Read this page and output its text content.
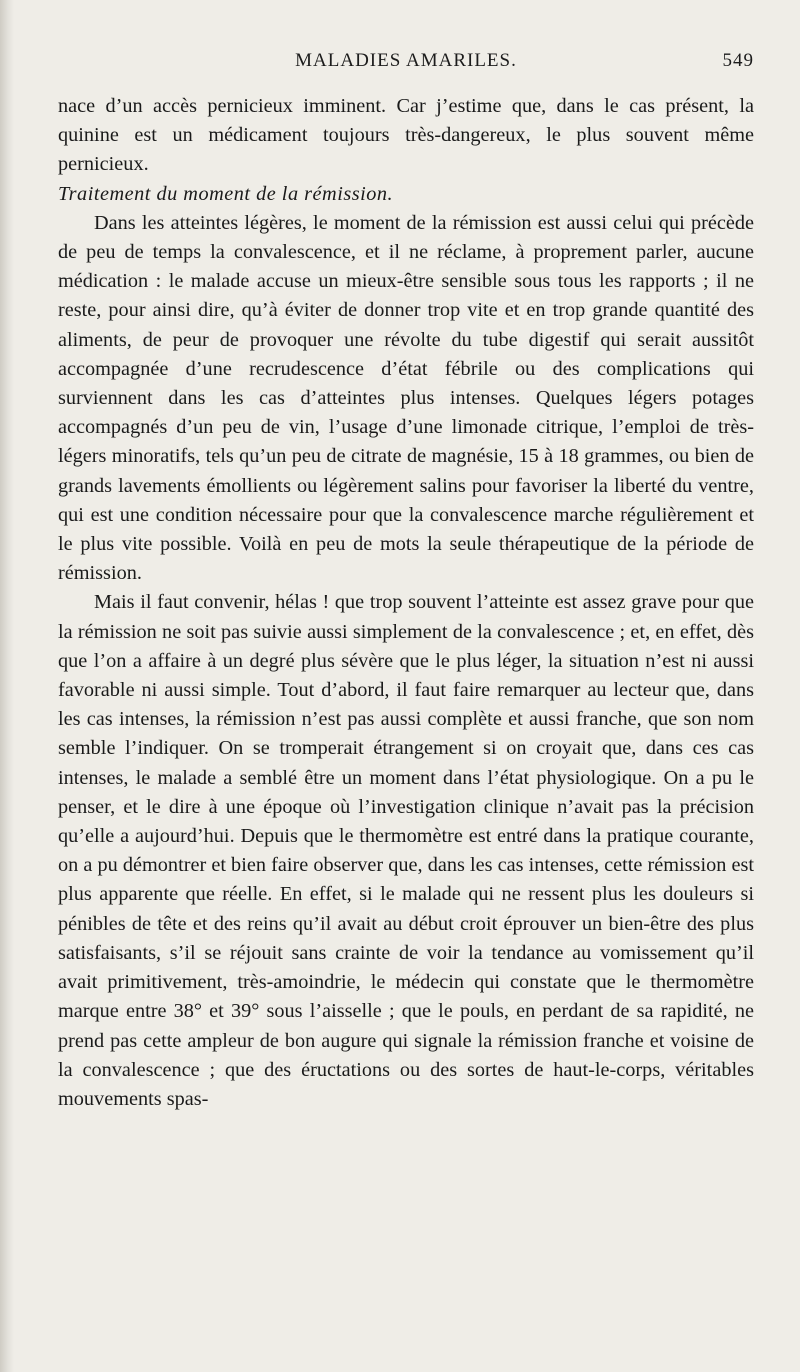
MALADIES AMARILES.	549

nace d’un accès pernicieux imminent. Car j’estime que, dans le cas présent, la quinine est un médicament toujours très-dangereux, le plus souvent même pernicieux.

Traitement du moment de la rémission.

Dans les atteintes légères, le moment de la rémission est aussi celui qui précède de peu de temps la convalescence, et il ne réclame, à proprement parler, aucune médication : le malade accuse un mieux-être sensible sous tous les rapports ; il ne reste, pour ainsi dire, qu’à éviter de donner trop vite et en trop grande quantité des aliments, de peur de provoquer une révolte du tube digestif qui serait aussitôt accompagnée d’une recrudescence d’état fébrile ou des complications qui surviennent dans les cas d’atteintes plus intenses. Quelques légers potages accompagnés d’un peu de vin, l’usage d’une limonade citrique, l’emploi de très-légers minoratifs, tels qu’un peu de citrate de magnésie, 15 à 18 grammes, ou bien de grands lavements émollients ou légèrement salins pour favoriser la liberté du ventre, qui est une condition nécessaire pour que la convalescence marche régulièrement et le plus vite possible. Voilà en peu de mots la seule thérapeutique de la période de rémission.

Mais il faut convenir, hélas ! que trop souvent l’atteinte est assez grave pour que la rémission ne soit pas suivie aussi simplement de la convalescence ; et, en effet, dès que l’on a affaire à un degré plus sévère que le plus léger, la situation n’est ni aussi favorable ni aussi simple. Tout d’abord, il faut faire remarquer au lecteur que, dans les cas intenses, la rémission n’est pas aussi complète et aussi franche, que son nom semble l’indiquer. On se tromperait étrangement si on croyait que, dans ces cas intenses, le malade a semblé être un moment dans l’état physiologique. On a pu le penser, et le dire à une époque où l’investigation clinique n’avait pas la précision qu’elle a aujourd’hui. Depuis que le thermomètre est entré dans la pratique courante, on a pu démontrer et bien faire observer que, dans les cas intenses, cette rémission est plus apparente que réelle. En effet, si le malade qui ne ressent plus les douleurs si pénibles de tête et des reins qu’il avait au début croit éprouver un bien-être des plus satisfaisants, s’il se réjouit sans crainte de voir la tendance au vomissement qu’il avait primitivement, très-amoindrie, le médecin qui constate que le thermomètre marque entre 38° et 39° sous l’aisselle ; que le pouls, en perdant de sa rapidité, ne prend pas cette ampleur de bon augure qui signale la rémission franche et voisine de la convalescence ; que des éructations ou des sortes de haut-le-corps, véritables mouvements spas-
